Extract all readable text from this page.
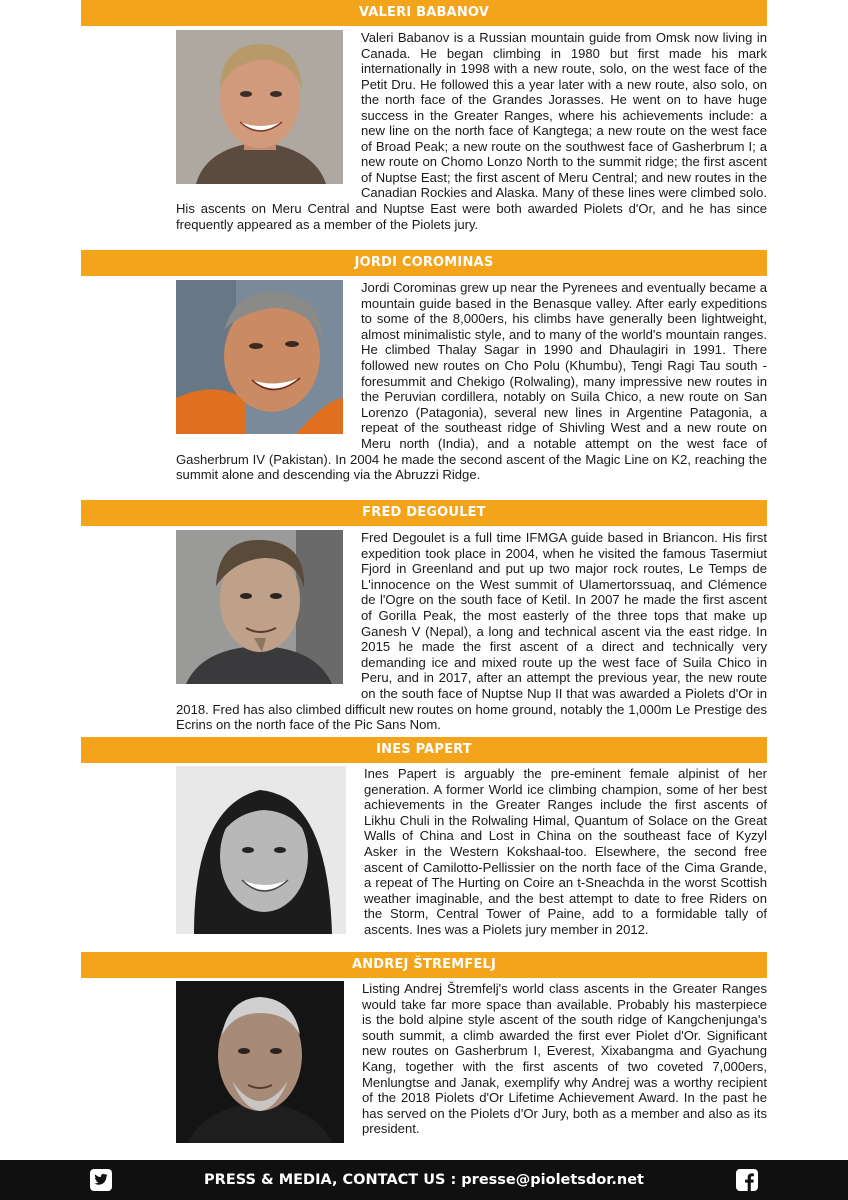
VALERI BABANOV
Valeri Babanov is a Russian mountain guide from Omsk now living in Canada. He began climbing in 1980 but first made his mark internationally in 1998 with a new route, solo, on the west face of the Petit Dru. He followed this a year later with a new route, also solo, on the north face of the Grandes Jorasses. He went on to have huge success in the Greater Ranges, where his achievements include: a new line on the north face of Kangtega; a new route on the west face of Broad Peak; a new route on the southwest face of Gasherbrum I; a new route on Chomo Lonzo North to the summit ridge; the first ascent of Nuptse East; the first ascent of Meru Central; and new routes in the Canadian Rockies and Alaska. Many of these lines were climbed solo. His ascents on Meru Central and Nuptse East were both awarded Piolets d'Or, and he has since frequently appeared as a member of the Piolets jury.
JORDI COROMINAS
Jordi Corominas grew up near the Pyrenees and eventually became a mountain guide based in the Benasque valley. After early expeditions to some of the 8,000ers, his climbs have generally been lightweight, almost minimalistic style, and to many of the world's mountain ranges. He climbed Thalay Sagar in 1990 and Dhaulagiri in 1991. There followed new routes on Cho Polu (Khumbu), Tengi Ragi Tau south -foresummit and Chekigo (Rolwaling), many impressive new routes in the Peruvian cordillera, notably on Suila Chico, a new route on San Lorenzo (Patagonia), several new lines in Argentine Patagonia, a repeat of the southeast ridge of Shivling West and a new route on Meru north (India), and a notable attempt on the west face of Gasherbrum IV (Pakistan). In 2004 he made the second ascent of the Magic Line on K2, reaching the summit alone and descending via the Abruzzi Ridge.
FRED DEGOULET
Fred Degoulet is a full time IFMGA guide based in Briancon. His first expedition took place in 2004, when he visited the famous Tasermiut Fjord in Greenland and put up two major rock routes, Le Temps de L'innocence on the West summit of Ulamertorssuaq, and Clémence de l'Ogre on the south face of Ketil. In 2007 he made the first ascent of Gorilla Peak, the most easterly of the three tops that make up Ganesh V (Nepal), a long and technical ascent via the east ridge. In 2015 he made the first ascent of a direct and technically very demanding ice and mixed route up the west face of Suila Chico in Peru, and in 2017, after an attempt the previous year, the new route on the south face of Nuptse Nup II that was awarded a Piolets d'Or in 2018. Fred has also climbed difficult new routes on home ground, notably the 1,000m Le Prestige des Ecrins on the north face of the Pic Sans Nom.
INES PAPERT
Ines Papert is arguably the pre-eminent female alpinist of her generation. A former World ice climbing champion, some of her best achievements in the Greater Ranges include the first ascents of Likhu Chuli in the Rolwaling Himal, Quantum of Solace on the Great Walls of China and Lost in China on the southeast face of Kyzyl Asker in the Western Kokshaal-too. Elsewhere, the second free ascent of Camilotto-Pellissier on the north face of the Cima Grande, a repeat of The Hurting on Coire an t-Sneachda in the worst Scottish weather imaginable, and the best attempt to date to free Riders on the Storm, Central Tower of Paine, add to a formidable tally of ascents. Ines was a Piolets jury member in 2012.
ANDREJ ŠTREMFELJ
Listing Andrej Štremfelj's world class ascents in the Greater Ranges would take far more space than available. Probably his masterpiece is the bold alpine style ascent of the south ridge of Kangchenjunga's south summit, a climb awarded the first ever Piolet d'Or. Significant new routes on Gasherbrum I, Everest, Xixabangma and Gyachung Kang, together with the first ascents of two coveted 7,000ers, Menlungtse and Janak, exemplify why Andrej was a worthy recipient of the 2018 Piolets d'Or Lifetime Achievement Award. In the past he has served on the Piolets d'Or Jury, both as a member and also as its president.
PRESS & MEDIA, CONTACT US : presse@pioletsdor.net
